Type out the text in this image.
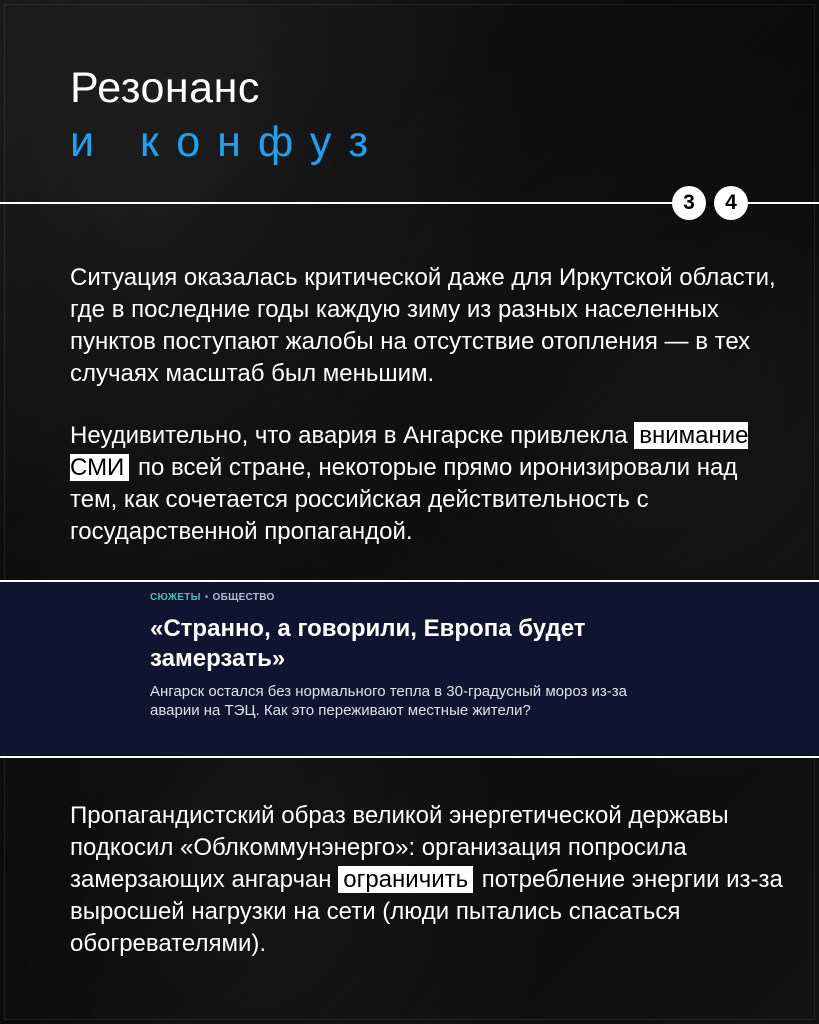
Резонанс
и конфуз
3	4
Ситуация оказалась критической даже для Иркутской области, где в последние годы каждую зиму из разных населенных пунктов поступают жалобы на отсутствие отопления — в тех случаях масштаб был меньшим.
Неудивительно, что авария в Ангарске привлекла внимание СМИ по всей стране, некоторые прямо иронизировали над тем, как сочетается российская действительность с государственной пропагандой.
СЮЖЕТЫ • ОБЩЕСТВО
«Странно, а говорили, Европа будет замерзать»
Ангарск остался без нормального тепла в 30-градусный мороз из-за аварии на ТЭЦ. Как это переживают местные жители?
Пропагандистский образ великой энергетической державы подкосил «Облкоммунэнерго»: организация попросила замерзающих ангарчан ограничить потребление энергии из-за выросшей нагрузки на сети (люди пытались спасаться обогревателями).
